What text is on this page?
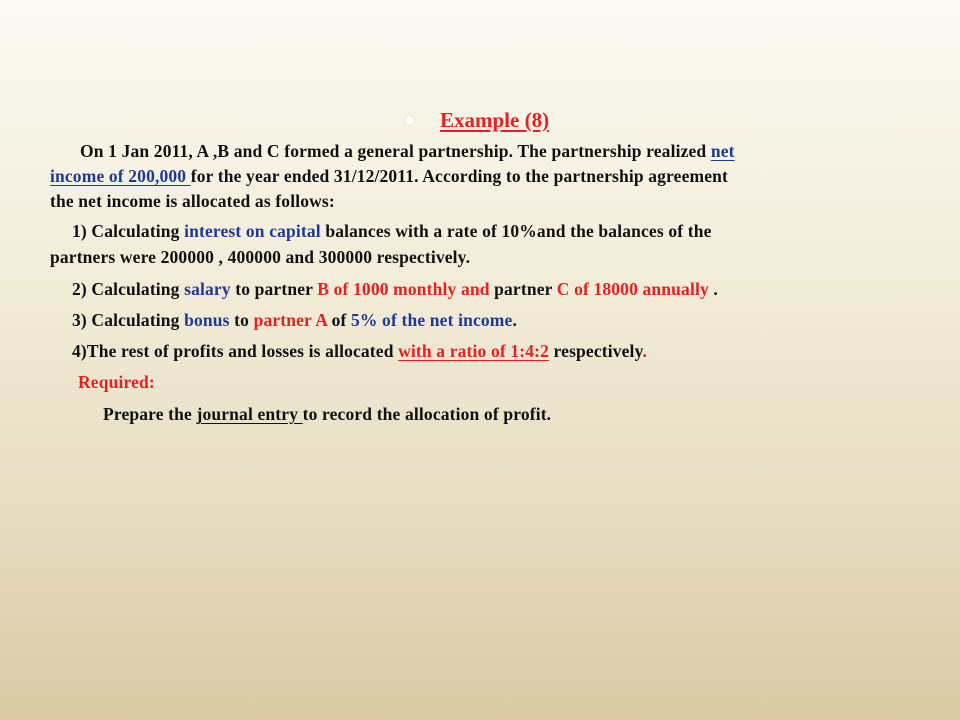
Example (8)
On 1 Jan 2011, A ,B and C formed a general partnership. The partnership realized net
income of 200,000 for the year ended 31/12/2011. According to the partnership agreement
the net income is allocated as follows:
1) Calculating interest on capital balances with a rate of 10%and the balances of the
partners were 200000 , 400000 and 300000 respectively.
2) Calculating salary to partner B of 1000 monthly and partner C of 18000 annually .
3) Calculating bonus to partner A of 5% of the net income.
4)The rest of profits and losses is allocated with a ratio of 1:4:2 respectively.
Required:
Prepare the journal entry to record the allocation of profit.
